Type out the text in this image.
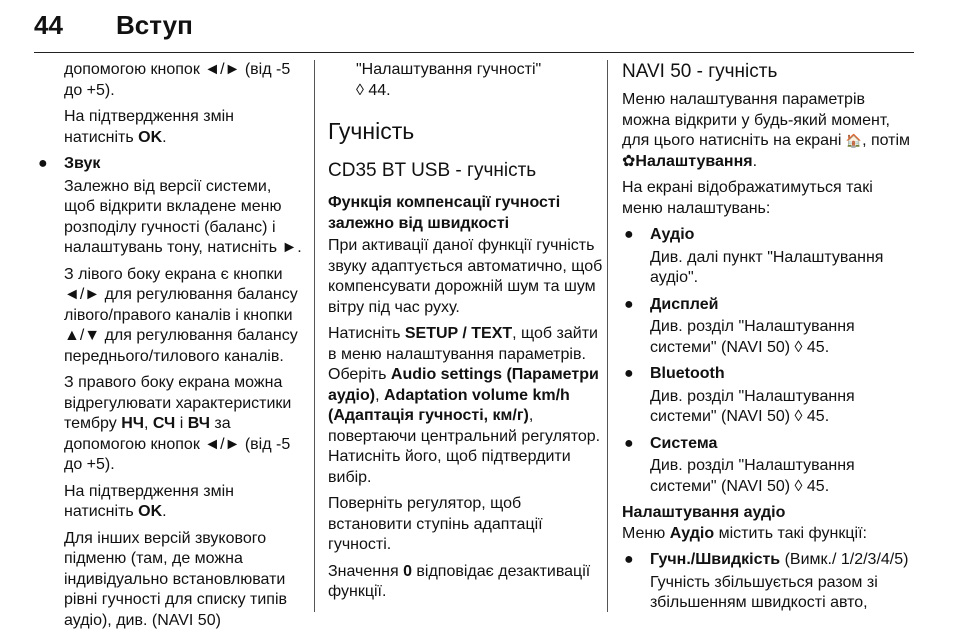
44 Вступ

допомогою кнопок ◄/► (від -5 до +5).

На підтвердження змін натисніть OK.

● Звук

Залежно від версії системи, щоб відкрити вкладене меню розподілу гучності (баланс) і налаштувань тону, натисніть ►.

З лівого боку екрана є кнопки ◄/► для регулювання балансу лівого/правого каналів і кнопки ▲/▼ для регулювання балансу переднього/тилового каналів.

З правого боку екрана можна відрегулювати характеристики тембру НЧ, СЧ і ВЧ за допомогою кнопок ◄/► (від -5 до +5).

На підтвердження змін натисніть OK.

Для інших версій звукового підменю (там, де можна індивідуально встановлювати рівні гучності для списку типів аудіо), див. (NAVI 50)

"Налаштування гучності"

◊ 44.

Гучність
CD35 BT USB - гучність

Функція компенсації гучності залежно від швидкості

При активації даної функції гучність звуку адаптується автоматично, щоб компенсувати дорожній шум та шум вітру під час руху.

Натисніть SETUP / TEXT, щоб зайти в меню налаштування параметрів. Оберіть Audio settings (Параметри аудіо), Adaptation volume km/h (Адаптація гучності, км/г), повертаючи центральний регулятор. Натисніть його, щоб підтвердити вибір.

Поверніть регулятор, щоб встановити ступінь адаптації гучності.

Значення 0 відповідає дезактивації функції.

NAVI 50 - гучність

Меню налаштування параметрів можна відкрити у будь-який момент, для цього натисніть на екрані 🏠, потім ✿Налаштування.

На екрані відображатимуться такі меню налаштувань:

● Аудіо

Див. далі пункт "Налаштування аудіо".

● Дисплей

Див. розділ "Налаштування системи" (NAVI 50) ◊ 45.

● Bluetooth

Див. розділ "Налаштування системи" (NAVI 50) ◊ 45.

● Система

Див. розділ "Налаштування системи" (NAVI 50) ◊ 45.

Налаштування аудіо

Меню Аудіо містить такі функції:

● Гучн./Швидкість (Вимк./ 1/2/3/4/5)

Гучність збільшується разом зі збільшенням швидкості авто,
